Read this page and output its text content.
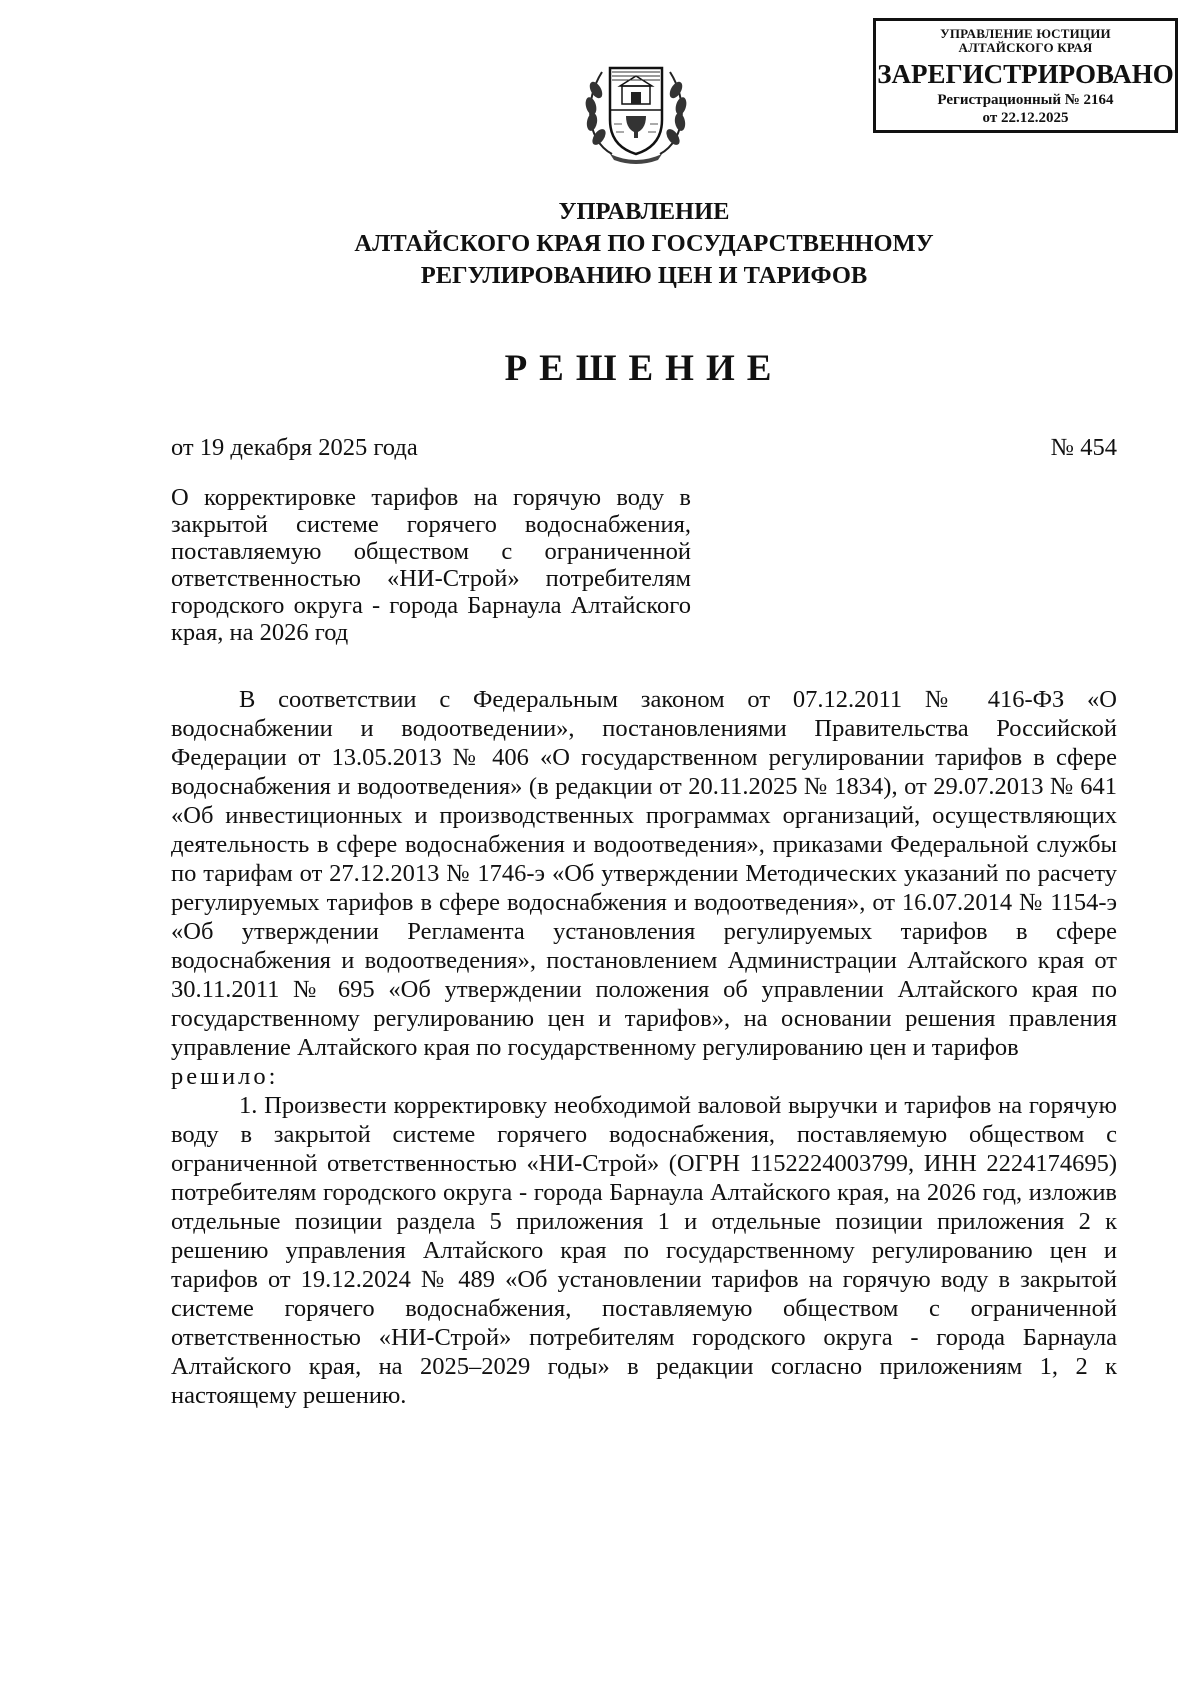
УПРАВЛЕНИЕ ЮСТИЦИИ
АЛТАЙСКОГО КРАЯ
ЗАРЕГИСТРИРОВАНО
Регистрационный № 2164
от 22.12.2025
УПРАВЛЕНИЕ
АЛТАЙСКОГО КРАЯ ПО ГОСУДАРСТВЕННОМУ
РЕГУЛИРОВАНИЮ ЦЕН И ТАРИФОВ
РЕШЕНИЕ
от 19 декабря 2025 года	№ 454
О корректировке тарифов на горячую воду в закрытой системе горячего водоснабжения, поставляемую обществом с ограниченной ответственностью «НИ-Строй» потребителям городского округа - города Барнаула Алтайского края, на 2026 год

В соответствии с Федеральным законом от 07.12.2011 № 416-ФЗ «О водоснабжении и водоотведении», постановлениями Правительства Российской Федерации от 13.05.2013 № 406 «О государственном регулировании тарифов в сфере водоснабжения и водоотведения» (в редакции от 20.11.2025 № 1834), от 29.07.2013 № 641 «Об инвестиционных и производственных программах организаций, осуществляющих деятельность в сфере водоснабжения и водоотведения», приказами Федеральной службы по тарифам от 27.12.2013 № 1746-э «Об утверждении Методических указаний по расчету регулируемых тарифов в сфере водоснабжения и водоотведения», от 16.07.2014 № 1154-э «Об утверждении Регламента установления регулируемых тарифов в сфере водоснабжения и водоотведения», постановлением Администрации Алтайского края от 30.11.2011 № 695 «Об утверждении положения об управлении Алтайского края по государственному регулированию цен и тарифов», на основании решения правления управление Алтайского края по государственному регулированию цен и тарифов

решило:

1. Произвести корректировку необходимой валовой выручки и тарифов на горячую воду в закрытой системе горячего водоснабжения, поставляемую обществом с ограниченной ответственностью «НИ-Строй» (ОГРН 1152224003799, ИНН 2224174695) потребителям городского округа - города Барнаула Алтайского края, на 2026 год, изложив отдельные позиции раздела 5 приложения 1 и отдельные позиции приложения 2 к решению управления Алтайского края по государственному регулированию цен и тарифов от 19.12.2024 № 489 «Об установлении тарифов на горячую воду в закрытой системе горячего водоснабжения, поставляемую обществом с ограниченной ответственностью «НИ-Строй» потребителям городского округа - города Барнаула Алтайского края, на 2025–2029 годы» в редакции согласно приложениям 1, 2 к настоящему решению.
